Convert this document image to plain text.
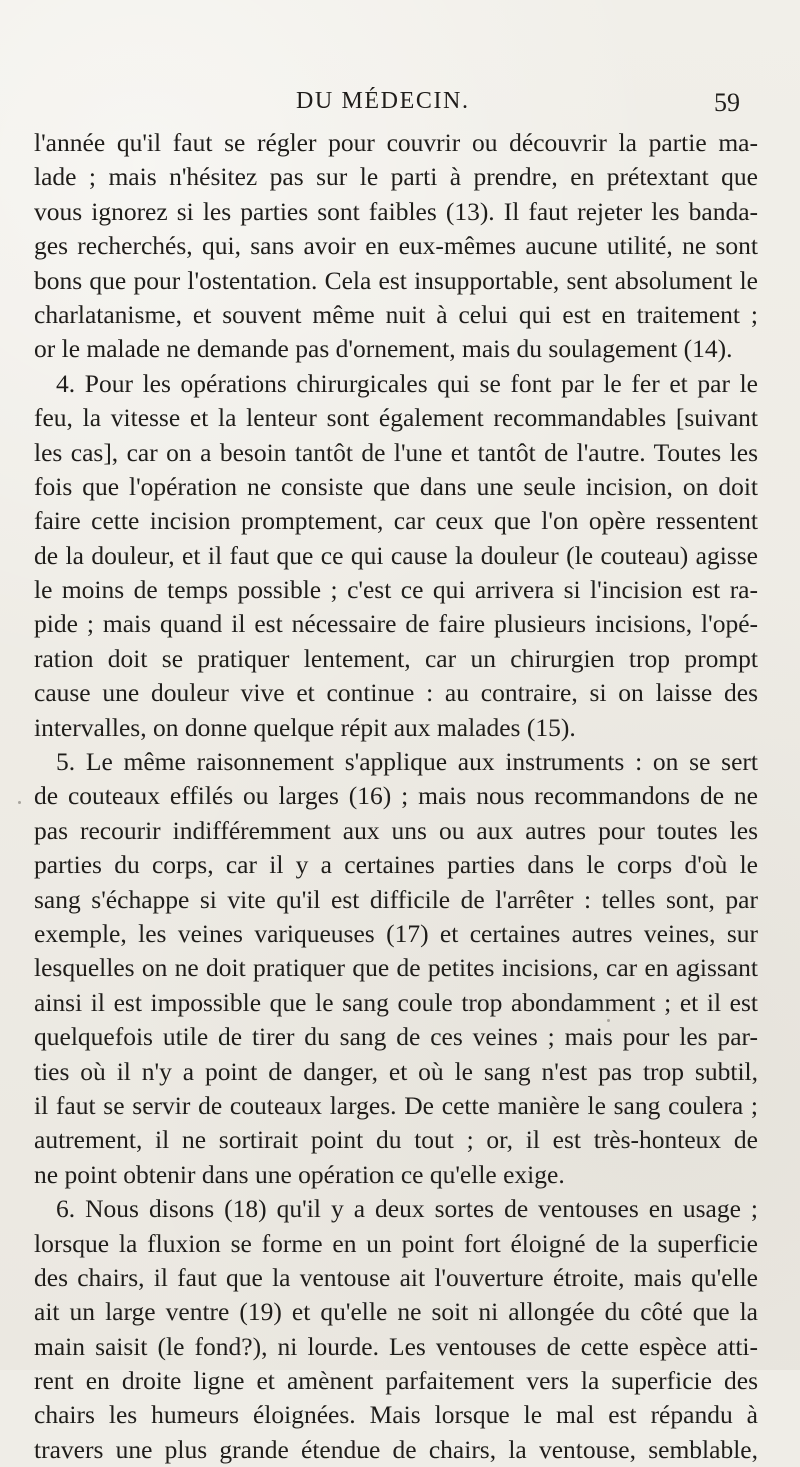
DU MÉDECIN.	59
l'année qu'il faut se régler pour couvrir ou découvrir la partie ma-
lade ; mais n'hésitez pas sur le parti à prendre, en prétextant que
vous ignorez si les parties sont faibles (13). Il faut rejeter les banda-
ges recherchés, qui, sans avoir en eux-mêmes aucune utilité, ne sont
bons que pour l'ostentation. Cela est insupportable, sent absolument le
charlatanisme, et souvent même nuit à celui qui est en traitement ;
or le malade ne demande pas d'ornement, mais du soulagement (14).
4. Pour les opérations chirurgicales qui se font par le fer et par le
feu, la vitesse et la lenteur sont également recommandables [suivant
les cas], car on a besoin tantôt de l'une et tantôt de l'autre. Toutes les
fois que l'opération ne consiste que dans une seule incision, on doit
faire cette incision promptement, car ceux que l'on opère ressentent
de la douleur, et il faut que ce qui cause la douleur (le couteau) agisse
le moins de temps possible ; c'est ce qui arrivera si l'incision est ra-
pide ; mais quand il est nécessaire de faire plusieurs incisions, l'opé-
ration doit se pratiquer lentement, car un chirurgien trop prompt
cause une douleur vive et continue : au contraire, si on laisse des
intervalles, on donne quelque répit aux malades (15).
5. Le même raisonnement s'applique aux instruments : on se sert
de couteaux effilés ou larges (16) ; mais nous recommandons de ne
pas recourir indifféremment aux uns ou aux autres pour toutes les
parties du corps, car il y a certaines parties dans le corps d'où le
sang s'échappe si vite qu'il est difficile de l'arrêter : telles sont, par
exemple, les veines variqueuses (17) et certaines autres veines, sur
lesquelles on ne doit pratiquer que de petites incisions, car en agissant
ainsi il est impossible que le sang coule trop abondamment ; et il est
quelquefois utile de tirer du sang de ces veines ; mais pour les par-
ties où il n'y a point de danger, et où le sang n'est pas trop subtil,
il faut se servir de couteaux larges. De cette manière le sang coulera ;
autrement, il ne sortirait point du tout ; or, il est très-honteux de
ne point obtenir dans une opération ce qu'elle exige.
6. Nous disons (18) qu'il y a deux sortes de ventouses en usage ;
lorsque la fluxion se forme en un point fort éloigné de la superficie
des chairs, il faut que la ventouse ait l'ouverture étroite, mais qu'elle
ait un large ventre (19) et qu'elle ne soit ni allongée du côté que la
main saisit (le fond?), ni lourde. Les ventouses de cette espèce atti-
rent en droite ligne et amènent parfaitement vers la superficie des
chairs les humeurs éloignées. Mais lorsque le mal est répandu à
travers une plus grande étendue de chairs, la ventouse, semblable,
